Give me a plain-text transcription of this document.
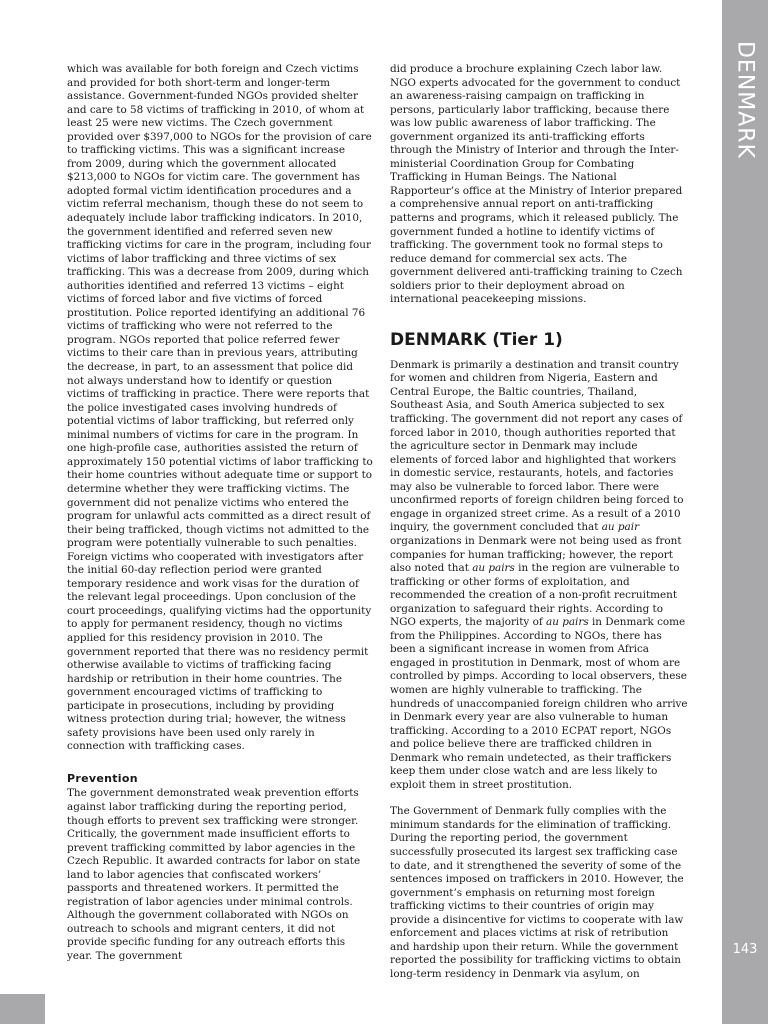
which was available for both foreign and Czech victims and provided for both short-term and longer-term assistance. Government-funded NGOs provided shelter and care to 58 victims of trafficking in 2010, of whom at least 25 were new victims. The Czech government provided over $397,000 to NGOs for the provision of care to trafficking victims. This was a significant increase from 2009, during which the government allocated $213,000 to NGOs for victim care. The government has adopted formal victim identification procedures and a victim referral mechanism, though these do not seem to adequately include labor trafficking indicators. In 2010, the government identified and referred seven new trafficking victims for care in the program, including four victims of labor trafficking and three victims of sex trafficking. This was a decrease from 2009, during which authorities identified and referred 13 victims – eight victims of forced labor and five victims of forced prostitution. Police reported identifying an additional 76 victims of trafficking who were not referred to the program. NGOs reported that police referred fewer victims to their care than in previous years, attributing the decrease, in part, to an assessment that police did not always understand how to identify or question victims of trafficking in practice. There were reports that the police investigated cases involving hundreds of potential victims of labor trafficking, but referred only minimal numbers of victims for care in the program. In one high-profile case, authorities assisted the return of approximately 150 potential victims of labor trafficking to their home countries without adequate time or support to determine whether they were trafficking victims. The government did not penalize victims who entered the program for unlawful acts committed as a direct result of their being trafficked, though victims not admitted to the program were potentially vulnerable to such penalties. Foreign victims who cooperated with investigators after the initial 60-day reflection period were granted temporary residence and work visas for the duration of the relevant legal proceedings. Upon conclusion of the court proceedings, qualifying victims had the opportunity to apply for permanent residency, though no victims applied for this residency provision in 2010. The government reported that there was no residency permit otherwise available to victims of trafficking facing hardship or retribution in their home countries. The government encouraged victims of trafficking to participate in prosecutions, including by providing witness protection during trial; however, the witness safety provisions have been used only rarely in connection with trafficking cases.

Prevention

The government demonstrated weak prevention efforts against labor trafficking during the reporting period, though efforts to prevent sex trafficking were stronger. Critically, the government made insufficient efforts to prevent trafficking committed by labor agencies in the Czech Republic. It awarded contracts for labor on state land to labor agencies that confiscated workers’ passports and threatened workers. It permitted the registration of labor agencies under minimal controls. Although the government collaborated with NGOs on outreach to schools and migrant centers, it did not provide specific funding for any outreach efforts this year. The government

did produce a brochure explaining Czech labor law. NGO experts advocated for the government to conduct an awareness-raising campaign on trafficking in persons, particularly labor trafficking, because there was low public awareness of labor trafficking. The government organized its anti-trafficking efforts through the Ministry of Interior and through the Inter-ministerial Coordination Group for Combating Trafficking in Human Beings. The National Rapporteur’s office at the Ministry of Interior prepared a comprehensive annual report on anti-trafficking patterns and programs, which it released publicly. The government funded a hotline to identify victims of trafficking. The government took no formal steps to reduce demand for commercial sex acts. The government delivered anti-trafficking training to Czech soldiers prior to their deployment abroad on international peacekeeping missions.

DENMARK (Tier 1)

Denmark is primarily a destination and transit country for women and children from Nigeria, Eastern and Central Europe, the Baltic countries, Thailand, Southeast Asia, and South America subjected to sex trafficking. The government did not report any cases of forced labor in 2010, though authorities reported that the agriculture sector in Denmark may include elements of forced labor and highlighted that workers in domestic service, restaurants, hotels, and factories may also be vulnerable to forced labor. There were unconfirmed reports of foreign children being forced to engage in organized street crime. As a result of a 2010 inquiry, the government concluded that au pair organizations in Denmark were not being used as front companies for human trafficking; however, the report also noted that au pairs in the region are vulnerable to trafficking or other forms of exploitation, and recommended the creation of a non-profit recruitment organization to safeguard their rights. According to NGO experts, the majority of au pairs in Denmark come from the Philippines. According to NGOs, there has been a significant increase in women from Africa engaged in prostitution in Denmark, most of whom are controlled by pimps. According to local observers, these women are highly vulnerable to trafficking. The hundreds of unaccompanied foreign children who arrive in Denmark every year are also vulnerable to human trafficking. According to a 2010 ECPAT report, NGOs and police believe there are trafficked children in Denmark who remain undetected, as their traffickers keep them under close watch and are less likely to exploit them in street prostitution.

The Government of Denmark fully complies with the minimum standards for the elimination of trafficking. During the reporting period, the government successfully prosecuted its largest sex trafficking case to date, and it strengthened the severity of some of the sentences imposed on traffickers in 2010. However, the government’s emphasis on returning most foreign trafficking victims to their countries of origin may provide a disincentive for victims to cooperate with law enforcement and places victims at risk of retribution and hardship upon their return. While the government reported the possibility for trafficking victims to obtain long-term residency in Denmark via asylum, on

DENMARK
143
